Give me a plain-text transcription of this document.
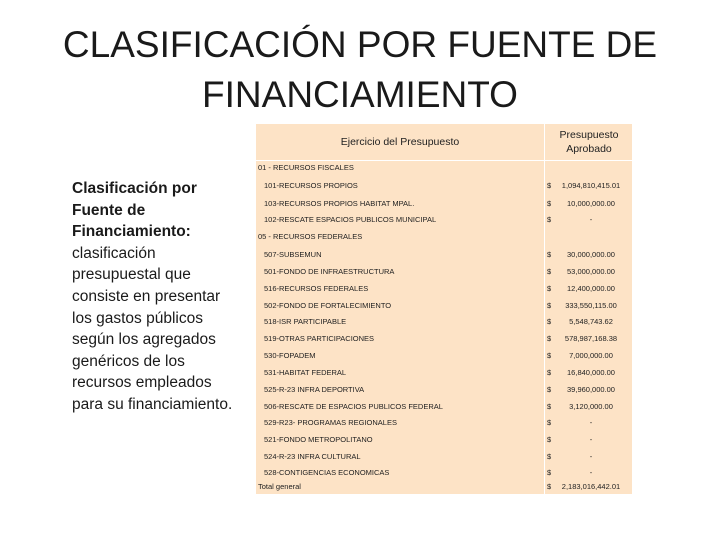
CLASIFICACIÓN POR FUENTE DE
FINANCIAMIENTO
Clasificación por Fuente de Financiamiento: clasificación presupuestal que consiste en presentar los gastos públicos según los agregados genéricos de los recursos empleados para su financiamiento.
Ejercicio del Presupuesto
Presupuesto Aprobado
01 - RECURSOS FISCALES
101-RECURSOS PROPIOS	$	1,094,810,415.01
103-RECURSOS PROPIOS HABITAT MPAL.	$	10,000,000.00
102-RESCATE ESPACIOS PUBLICOS MUNICIPAL	$	-
05 - RECURSOS FEDERALES
507-SUBSEMUN	$	30,000,000.00
501-FONDO DE INFRAESTRUCTURA	$	53,000,000.00
516-RECURSOS FEDERALES	$	12,400,000.00
502-FONDO DE FORTALECIMIENTO	$	333,550,115.00
518-ISR PARTICIPABLE	$	5,548,743.62
519-OTRAS PARTICIPACIONES	$	578,987,168.38
530-FOPADEM	$	7,000,000.00
531-HABITAT FEDERAL	$	16,840,000.00
525-R-23 INFRA DEPORTIVA	$	39,960,000.00
506-RESCATE DE ESPACIOS PUBLICOS FEDERAL	$	3,120,000.00
529-R23- PROGRAMAS REGIONALES	$	-
521-FONDO METROPOLITANO	$	-
524-R-23 INFRA CULTURAL	$	-
528-CONTIGENCIAS ECONOMICAS	$	-
Total general	$	2,183,016,442.01
